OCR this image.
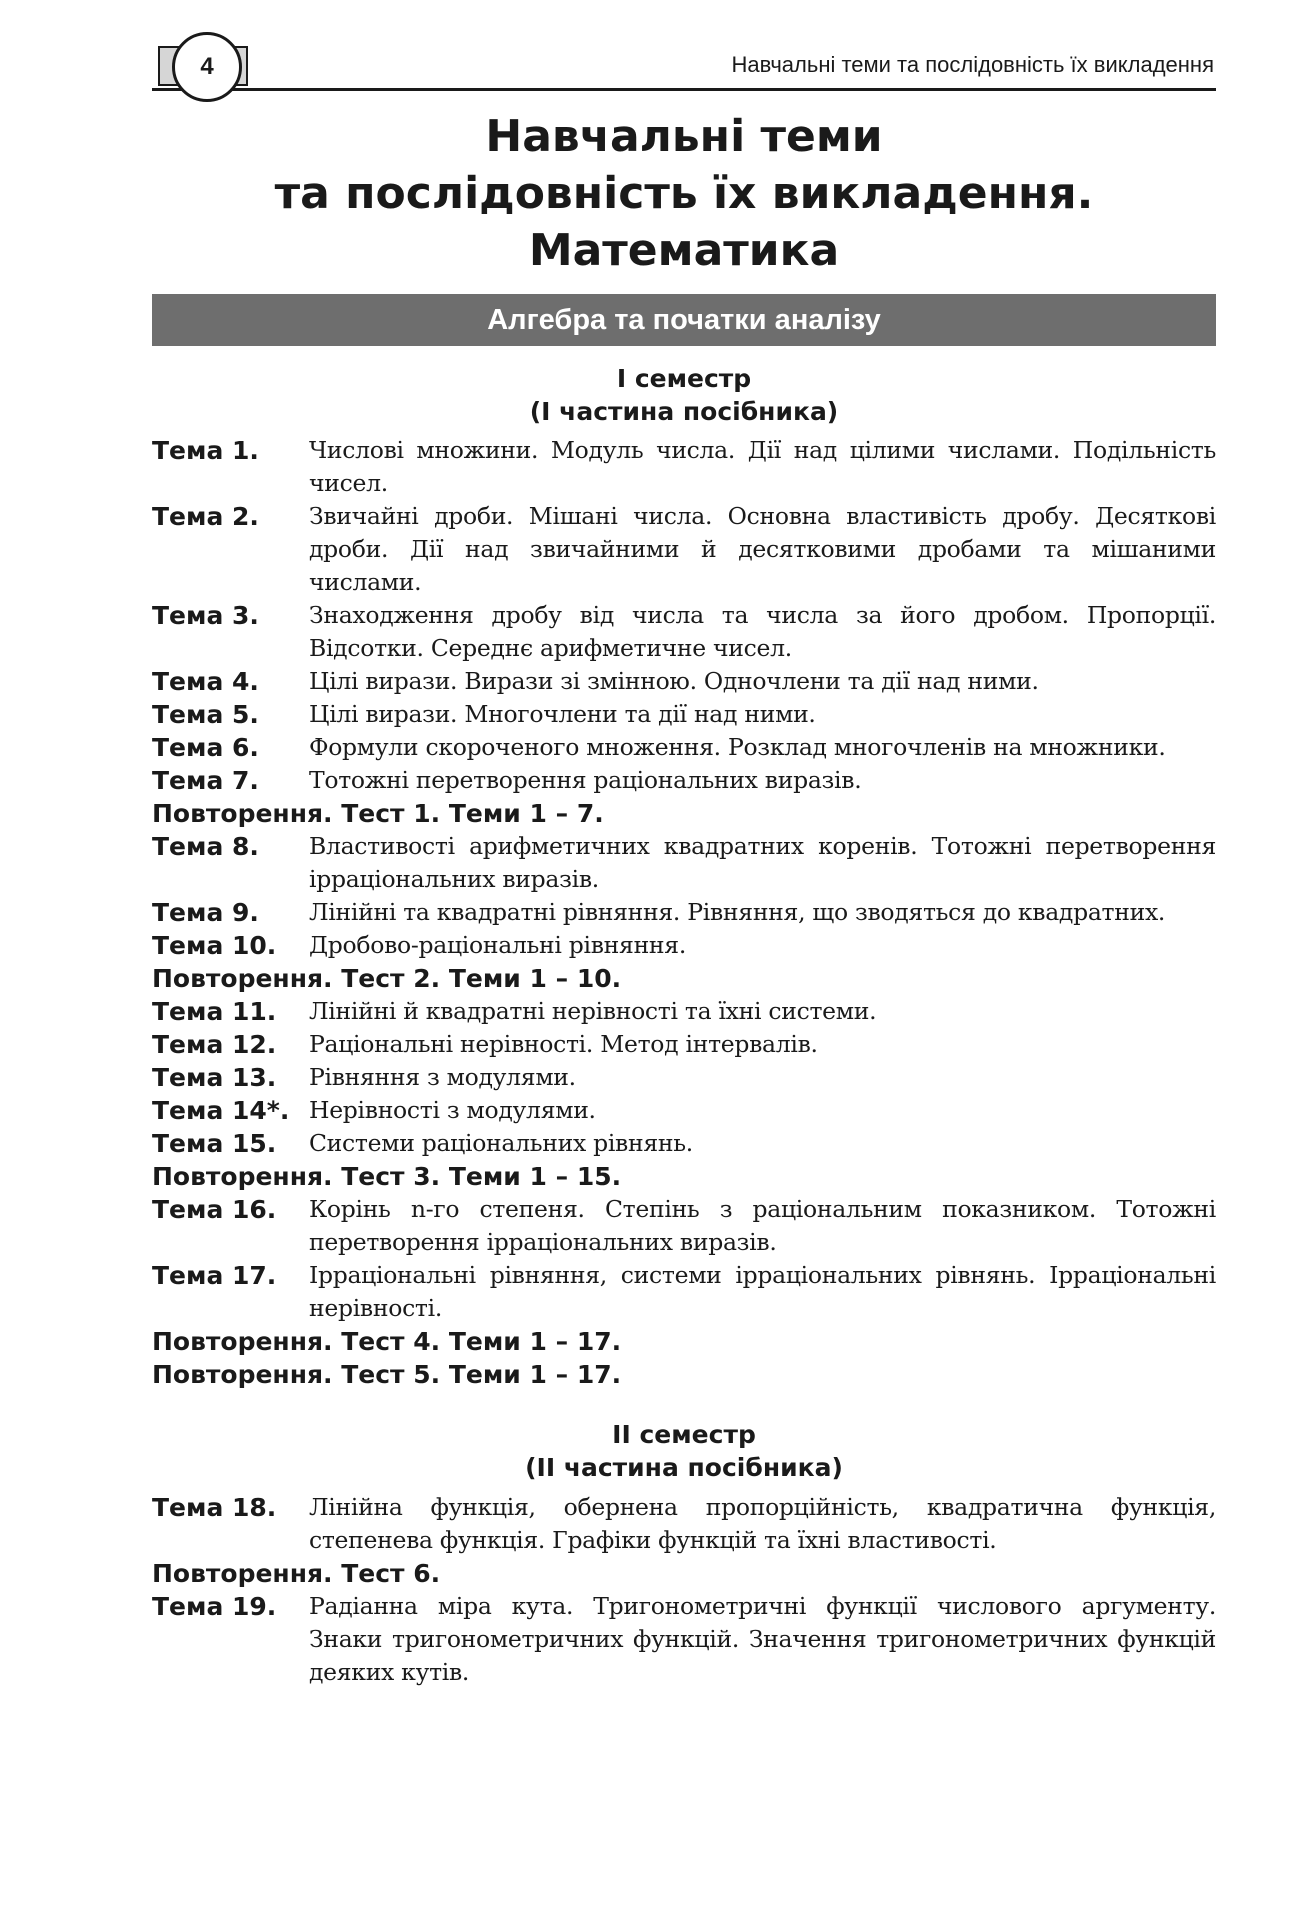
4	Навчальні теми та послідовність їх викладення
Навчальні теми
та послідовність їх викладення.
Математика
Алгебра та початки аналізу
I семестр
(I частина посібника)
Тема 1.	Числові множини. Модуль числа. Дії над цілими числами. Подільність чисел.
Тема 2.	Звичайні дроби. Мішані числа. Основна властивість дробу. Десяткові дроби. Дії над звичайними й десятковими дробами та мішаними числами.
Тема 3.	Знаходження дробу від числа та числа за його дробом. Пропорції. Відсотки. Середнє арифметичне чисел.
Тема 4.	Цілі вирази. Вирази зі змінною. Одночлени та дії над ними.
Тема 5.	Цілі вирази. Многочлени та дії над ними.
Тема 6.	Формули скороченого множення. Розклад многочленів на множники.
Тема 7.	Тотожні перетворення раціональних виразів.
Повторення. Тест 1. Теми 1 – 7.
Тема 8.	Властивості арифметичних квадратних коренів. Тотожні перетворення ірраціональних виразів.
Тема 9.	Лінійні та квадратні рівняння. Рівняння, що зводяться до квадратних.
Тема 10.	Дробово-раціональні рівняння.
Повторення. Тест 2. Теми 1 – 10.
Тема 11.	Лінійні й квадратні нерівності та їхні системи.
Тема 12.	Раціональні нерівності. Метод інтервалів.
Тема 13.	Рівняння з модулями.
Тема 14*. Нерівності з модулями.
Тема 15.	Системи раціональних рівнянь.
Повторення. Тест 3. Теми 1 – 15.
Тема 16.	Корінь n-го степеня. Степінь з раціональним показником. Тотожні перетворення ірраціональних виразів.
Тема 17.	Ірраціональні рівняння, системи ірраціональних рівнянь. Ірраціональні нерівності.
Повторення. Тест 4. Теми 1 – 17.
Повторення. Тест 5. Теми 1 – 17.
II семестр
(II частина посібника)
Тема 18.	Лінійна функція, обернена пропорційність, квадратична функція, степенева функція. Графіки функцій та їхні властивості.
Повторення. Тест 6.
Тема 19.	Радіанна міра кута. Тригонометричні функції числового аргументу. Знаки тригонометричних функцій. Значення тригонометричних функцій деяких кутів.
